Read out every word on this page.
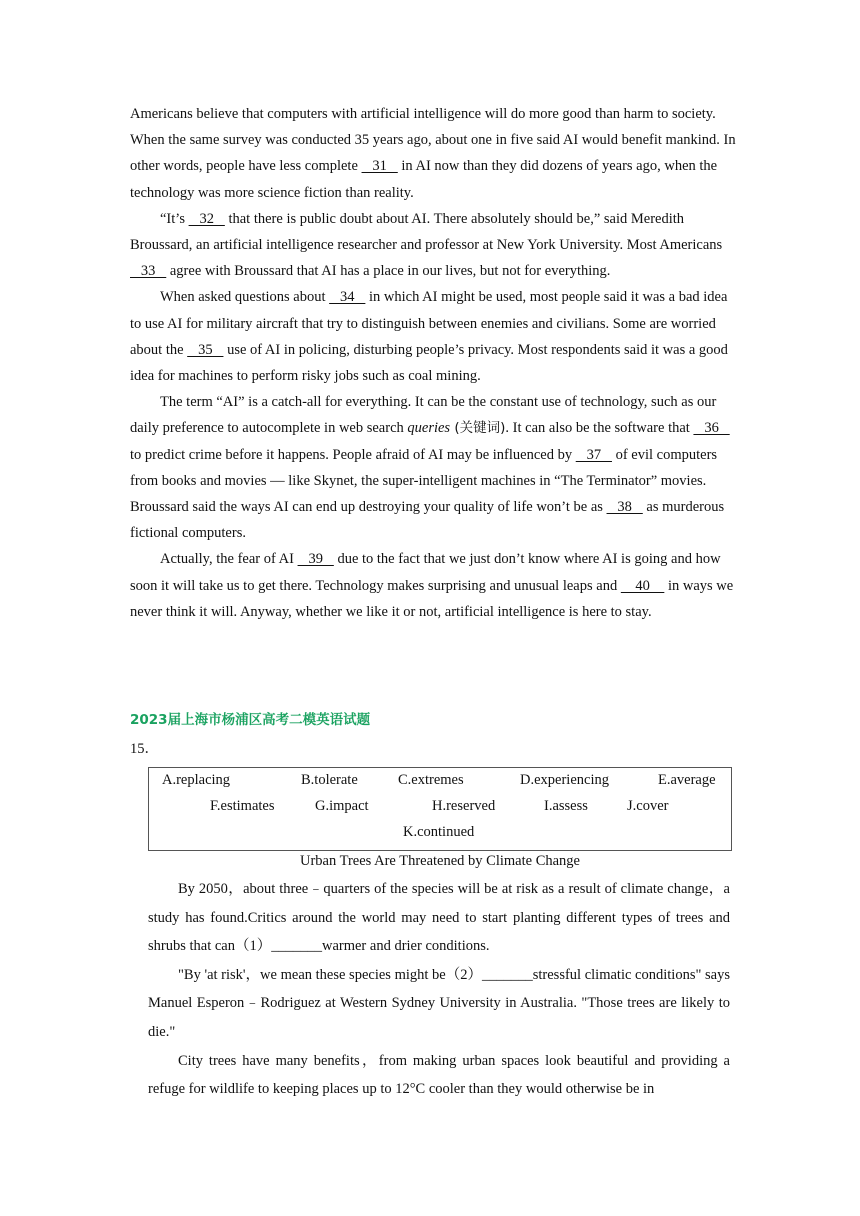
Americans believe that computers with artificial intelligence will do more good than harm to society. When the same survey was conducted 35 years ago, about one in five said AI would benefit mankind. In other words, people have less complete    31    in AI now than they did dozens of years ago, when the technology was more science fiction than reality.

“It’s    32    that there is public doubt about AI. There absolutely should be,” said Meredith Broussard, an artificial intelligence researcher and professor at New York University. Most Americans    33    agree with Broussard that AI has a place in our lives, but not for everything.

When asked questions about    34    in which AI might be used, most people said it was a bad idea to use AI for military aircraft that try to distinguish between enemies and civilians. Some are worried about the    35    use of AI in policing, disturbing people’s privacy. Most respondents said it was a good idea for machines to perform risky jobs such as coal mining.

The term “AI” is a catch-all for everything. It can be the constant use of technology, such as our daily preference to autocomplete in web search queries (关键词). It can also be the software that    36    to predict crime before it happens. People afraid of AI may be influenced by    37    of evil computers from books and movies — like Skynet, the super-intelligent machines in “The Terminator” movies. Broussard said the ways AI can end up destroying your quality of life won’t be as    38    as murderous fictional computers.

Actually, the fear of AI    39    due to the fact that we just don’t know where AI is going and how soon it will take us to get there. Technology makes surprising and unusual leaps and     40     in ways we never think it will. Anyway, whether we like it or not, artificial intelligence is here to stay.

2023届上海市杨浦区高考二模英语试题

15．

A.replacing	B.tolerate	C.extremes	D.experiencing	E.average
F.estimates	G.impact	H.reserved	I.assess	J.cover
K.continued

Urban Trees Are Threatened by Climate Change

By 2050，about three﹣quarters of the species will be at risk as a result of climate change，a study has found.Critics around the world may need to start planting different types of trees and shrubs that can（1）_______warmer and drier conditions.

"By 'at risk'，we mean these species might be（2）_______stressful climatic conditions" says Manuel Esperon﹣Rodriguez at Western Sydney University in Australia. "Those trees are likely to die."

City trees have many benefits，from making urban spaces look beautiful and providing a refuge for wildlife to keeping places up to 12°C cooler than they would otherwise be in
